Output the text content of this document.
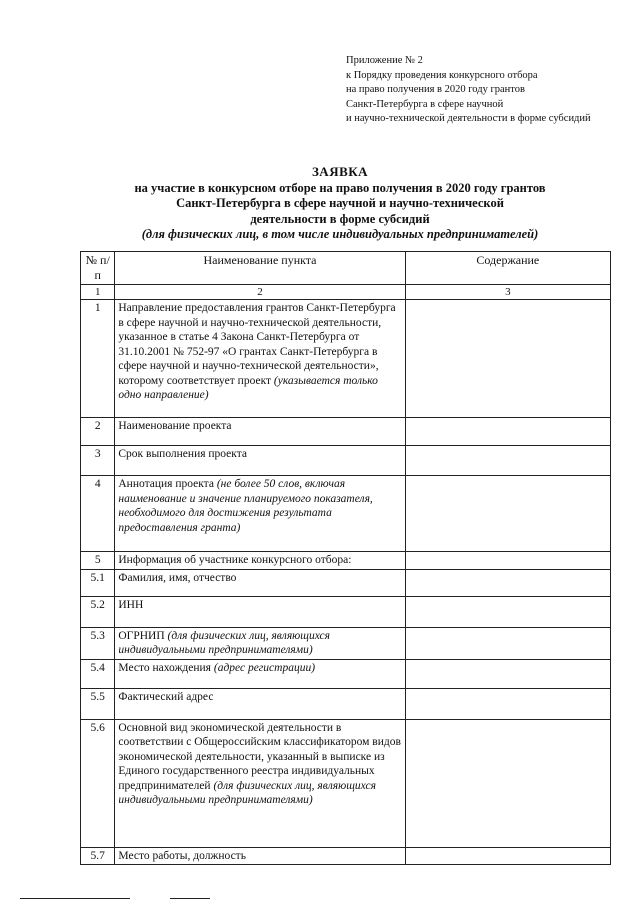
Приложение № 2
к Порядку проведения конкурсного отбора
на право получения в 2020 году грантов
Санкт-Петербурга в сфере научной
и научно-технической деятельности в форме субсидий
ЗАЯВКА
на участие в конкурсном отборе на право получения в 2020 году грантов
Санкт-Петербурга в сфере научной и научно-технической
деятельности в форме субсидий
(для физических лиц, в том числе индивидуальных предпринимателей)
№ п/п	Наименование пункта	Содержание
1	2	3
1	Направление предоставления грантов Санкт-Петербурга в сфере научной и научно-технической деятельности, указанное в статье 4 Закона Санкт-Петербурга от 31.10.2001 № 752-97 «О грантах Санкт-Петербурга в сфере научной и научно-технической деятельности», которому соответствует проект (указывается только одно направление)	
2	Наименование проекта	
3	Срок выполнения проекта	
4	Аннотация проекта (не более 50 слов, включая наименование и значение планируемого показателя, необходимого для достижения результата предоставления гранта)	
5	Информация об участнике конкурсного отбора:	
5.1	Фамилия, имя, отчество	
5.2	ИНН	
5.3	ОГРНИП (для физических лиц, являющихся индивидуальными предпринимателями)	
5.4	Место нахождения (адрес регистрации)	
5.5	Фактический адрес	
5.6	Основной вид экономической деятельности в соответствии с Общероссийским классификатором видов экономической деятельности, указанный в выписке из Единого государственного реестра индивидуальных предпринимателей (для физических лиц, являющихся индивидуальными предпринимателями)	
5.7	Место работы, должность	
